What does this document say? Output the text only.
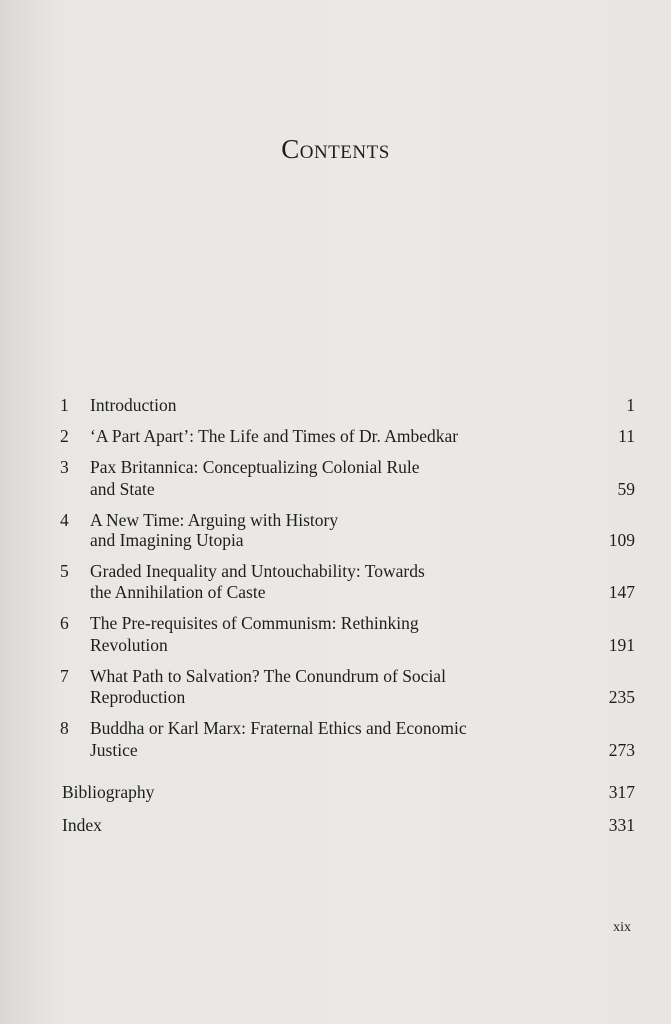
Contents
1	Introduction	1
2	‘A Part Apart’: The Life and Times of Dr. Ambedkar	11
3	Pax Britannica: Conceptualizing Colonial Rule
and State	59
4	A New Time: Arguing with History
and Imagining Utopia	109
5	Graded Inequality and Untouchability: Towards
the Annihilation of Caste	147
6	The Pre-requisites of Communism: Rethinking
Revolution	191
7	What Path to Salvation? The Conundrum of Social
Reproduction	235
8	Buddha or Karl Marx: Fraternal Ethics and Economic
Justice	273
Bibliography	317
Index	331
xix
